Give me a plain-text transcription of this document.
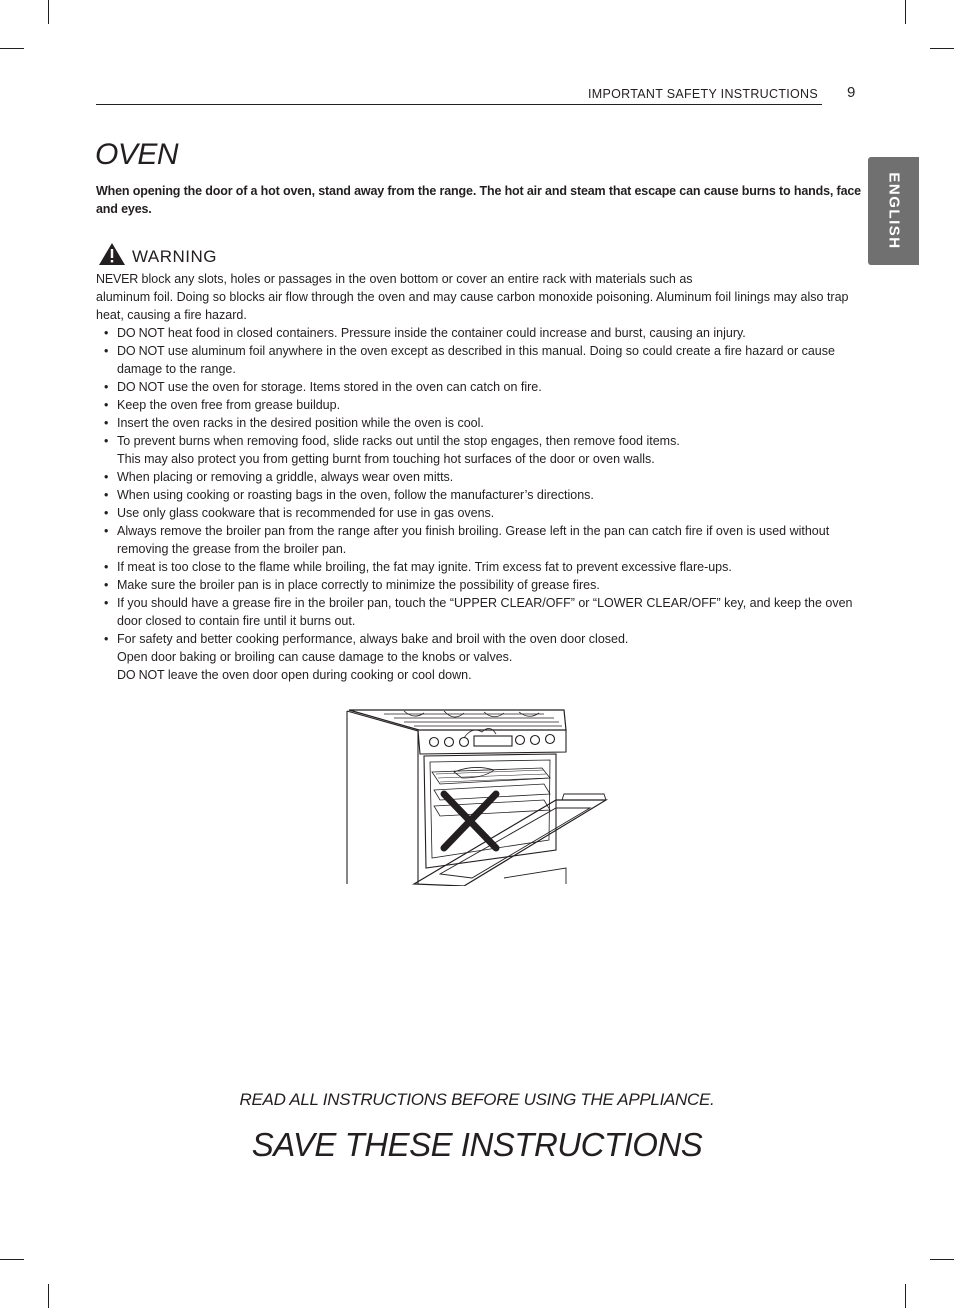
IMPORTANT SAFETY INSTRUCTIONS 9
ENGLISH
OVEN
When opening the door of a hot oven, stand away from the range. The hot air and steam that escape can cause burns to hands, face and eyes.
WARNING

NEVER block any slots, holes or passages in the oven bottom or cover an entire rack with materials such as
aluminum foil. Doing so blocks air flow through the oven and may cause carbon monoxide poisoning. Aluminum foil linings may also trap heat, causing a fire hazard.

• DO NOT heat food in closed containers. Pressure inside the container could increase and burst, causing an injury.
• DO NOT use aluminum foil anywhere in the oven except as described in this manual. Doing so could create a fire hazard or cause damage to the range.
• DO NOT use the oven for storage. Items stored in the oven can catch on fire.
• Keep the oven free from grease buildup.
• Insert the oven racks in the desired position while the oven is cool.
• To prevent burns when removing food, slide racks out until the stop engages, then remove food items.
This may also protect you from getting burnt from touching hot surfaces of the door or oven walls.
• When placing or removing a griddle, always wear oven mitts.
• When using cooking or roasting bags in the oven, follow the manufacturer’s directions.
• Use only glass cookware that is recommended for use in gas ovens.
• Always remove the broiler pan from the range after you finish broiling. Grease left in the pan can catch fire if oven is used without removing the grease from the broiler pan.
• If meat is too close to the flame while broiling, the fat may ignite. Trim excess fat to prevent excessive flare-ups.
• Make sure the broiler pan is in place correctly to minimize the possibility of grease fires.
• If you should have a grease fire in the broiler pan, touch the “UPPER CLEAR/OFF” or “LOWER CLEAR/OFF” key, and keep the oven door closed to contain fire until it burns out.
• For safety and better cooking performance, always bake and broil with the oven door closed.
Open door baking or broiling can cause damage to the knobs or valves.
DO NOT leave the oven door open during cooking or cool down.
READ ALL INSTRUCTIONS BEFORE USING THE APPLIANCE.
SAVE THESE INSTRUCTIONS
